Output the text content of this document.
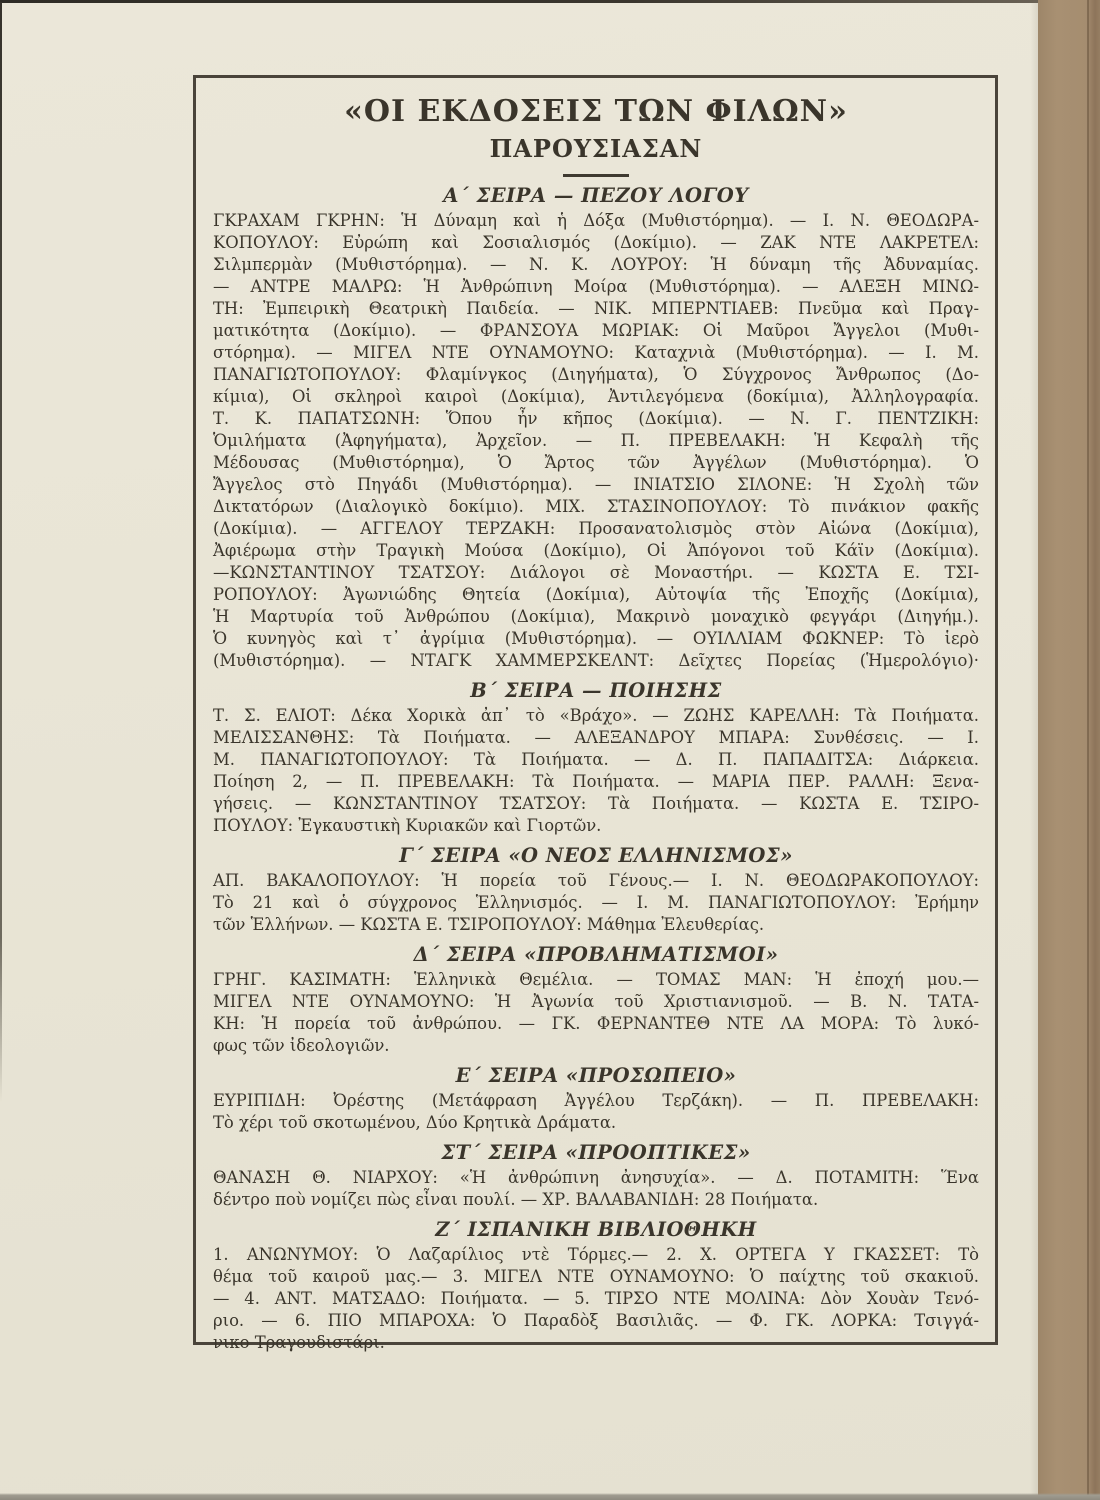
«ΟΙ ΕΚΔΟΣΕΙΣ ΤΩΝ ΦΙΛΩΝ»
ΠΑΡΟΥΣΙΑΣΑΝ
Α΄ ΣΕΙΡΑ — ΠΕΖΟΥ ΛΟΓΟΥ
ΓΚΡΑΧΑΜ ΓΚΡΗΝ: Ἡ Δύναμη καὶ ἡ Δόξα (Μυθιστόρημα). — Ι. Ν. ΘΕΟΔΩΡΑ-
ΚΟΠΟΥΛΟΥ: Εὐρώπη καὶ Σοσιαλισμός (Δοκίμιο). — ΖΑΚ ΝΤΕ ΛΑΚΡΕΤΕΛ:
Σιλμπερμὰν (Μυθιστόρημα). — Ν. Κ. ΛΟΥΡΟΥ: Ἡ δύναμη τῆς Ἀδυναμίας.
— ΑΝΤΡΕ ΜΑΛΡΩ: Ἡ Ἀνθρώπινη Μοίρα (Μυθιστόρημα). — ΑΛΕΞΗ ΜΙΝΩ-
ΤΗ: Ἐμπειρικὴ Θεατρικὴ Παιδεία. — ΝΙΚ. ΜΠΕΡΝΤΙΑΕΒ: Πνεῦμα καὶ Πραγ-
ματικότητα (Δοκίμιο). — ΦΡΑΝΣΟΥΑ ΜΩΡΙΑΚ: Οἱ Μαῦροι Ἄγγελοι (Μυθι-
στόρημα). — ΜΙΓΕΛ ΝΤΕ ΟΥΝΑΜΟΥΝΟ: Καταχνιὰ (Μυθιστόρημα). — Ι. Μ.
ΠΑΝΑΓΙΩΤΟΠΟΥΛΟΥ: Φλαμίνγκος (Διηγήματα), Ὁ Σύγχρονος Ἄνθρωπος (Δο-
κίμια), Οἱ σκληροὶ καιροὶ (Δοκίμια), Ἀντιλεγόμενα (δοκίμια), Ἀλληλογραφία.
Τ. Κ. ΠΑΠΑΤΣΩΝΗ: Ὅπου ἦν κῆπος (Δοκίμια). — Ν. Γ. ΠΕΝΤΖΙΚΗ:
Ὁμιλήματα (Ἀφηγήματα), Ἀρχεῖον. — Π. ΠΡΕΒΕΛΑΚΗ: Ἡ Κεφαλὴ τῆς
Μέδουσας (Μυθιστόρημα), Ὁ Ἄρτος τῶν Ἀγγέλων (Μυθιστόρημα). Ὁ
Ἄγγελος στὸ Πηγάδι (Μυθιστόρημα). — ΙΝΙΑΤΣΙΟ ΣΙΛΟΝΕ: Ἡ Σχολὴ τῶν
Δικτατόρων (Διαλογικὸ δοκίμιο). ΜΙΧ. ΣΤΑΣΙΝΟΠΟΥΛΟΥ: Τὸ πινάκιον φακῆς
(Δοκίμια). — ΑΓΓΕΛΟΥ ΤΕΡΖΑΚΗ: Προσανατολισμὸς στὸν Αἰώνα (Δοκίμια),
Ἀφιέρωμα στὴν Τραγικὴ Μούσα (Δοκίμιο), Οἱ Ἀπόγονοι τοῦ Κάϊν (Δοκίμια).
—ΚΩΝΣΤΑΝΤΙΝΟΥ ΤΣΑΤΣΟΥ: Διάλογοι σὲ Μοναστήρι. — ΚΩΣΤΑ Ε. ΤΣΙ-
ΡΟΠΟΥΛΟΥ: Ἀγωνιώδης Θητεία (Δοκίμια), Αὐτοψία τῆς Ἐποχῆς (Δοκίμια),
Ἡ Μαρτυρία τοῦ Ἀνθρώπου (Δοκίμια), Μακρινὸ μοναχικὸ φεγγάρι (Διηγήμ.).
Ὁ κυνηγὸς καὶ τ᾿ ἀγρίμια (Μυθιστόρημα). — ΟΥΙΛΛΙΑΜ ΦΩΚΝΕΡ: Τὸ ἱερὸ
(Μυθιστόρημα). — ΝΤΑΓΚ ΧΑΜΜΕΡΣΚΕΛΝΤ: Δεῖχτες Πορείας (Ἡμερολόγιο)·
Β΄ ΣΕΙΡΑ — ΠΟΙΗΣΗΣ
Τ. Σ. ΕΛΙΟΤ: Δέκα Χορικὰ ἀπ᾿ τὸ «Βράχο». — ΖΩΗΣ ΚΑΡΕΛΛΗ: Τὰ Ποιήματα.
ΜΕΛΙΣΣΑΝΘΗΣ: Τὰ Ποιήματα. — ΑΛΕΞΑΝΔΡΟΥ ΜΠΑΡΑ: Συνθέσεις. — Ι.
Μ. ΠΑΝΑΓΙΩΤΟΠΟΥΛΟΥ: Τὰ Ποιήματα. — Δ. Π. ΠΑΠΑΔΙΤΣΑ: Διάρκεια.
Ποίηση 2, — Π. ΠΡΕΒΕΛΑΚΗ: Τὰ Ποιήματα. — ΜΑΡΙΑ ΠΕΡ. ΡΑΛΛΗ: Ξενα-
γήσεις. — ΚΩΝΣΤΑΝΤΙΝΟΥ ΤΣΑΤΣΟΥ: Τὰ Ποιήματα. — ΚΩΣΤΑ Ε. ΤΣΙΡΟ-
ΠΟΥΛΟΥ: Ἐγκαυστικὴ Κυριακῶν καὶ Γιορτῶν.
Γ΄ ΣΕΙΡΑ «Ο ΝΕΟΣ ΕΛΛΗΝΙΣΜΟΣ»
ΑΠ. ΒΑΚΑΛΟΠΟΥΛΟΥ: Ἡ πορεία τοῦ Γένους.— Ι. Ν. ΘΕΟΔΩΡΑΚΟΠΟΥΛΟΥ:
Τὸ 21 καὶ ὁ σύγχρονος Ἑλληνισμός. — Ι. Μ. ΠΑΝΑΓΙΩΤΟΠΟΥΛΟΥ: Ἐρήμην
τῶν Ἑλλήνων. — ΚΩΣΤΑ Ε. ΤΣΙΡΟΠΟΥΛΟΥ: Μάθημα Ἐλευθερίας.
Δ΄ ΣΕΙΡΑ «ΠΡΟΒΛΗΜΑΤΙΣΜΟΙ»
ΓΡΗΓ. ΚΑΣΙΜΑΤΗ: Ἑλληνικὰ Θεμέλια. — ΤΟΜΑΣ ΜΑΝ: Ἡ ἐποχή μου.—
ΜΙΓΕΛ ΝΤΕ ΟΥΝΑΜΟΥΝΟ: Ἡ Ἀγωνία τοῦ Χριστιανισμοῦ. — Β. Ν. ΤΑΤΑ-
ΚΗ: Ἡ πορεία τοῦ ἀνθρώπου. — ΓΚ. ΦΕΡΝΑΝΤΕΘ ΝΤΕ ΛΑ ΜΟΡΑ: Τὸ λυκό-
φως τῶν ἰδεολογιῶν.
Ε΄ ΣΕΙΡΑ «ΠΡΟΣΩΠΕΙΟ»
ΕΥΡΙΠΙΔΗ: Ὀρέστης (Μετάφραση Ἀγγέλου Τερζάκη). — Π. ΠΡΕΒΕΛΑΚΗ:
Τὸ χέρι τοῦ σκοτωμένου, Δύο Κρητικὰ Δράματα.
ΣΤ΄ ΣΕΙΡΑ «ΠΡΟΟΠΤΙΚΕΣ»
ΘΑΝΑΣΗ Θ. ΝΙΑΡΧΟΥ: «Ἡ ἀνθρώπινη ἀνησυχία». — Δ. ΠΟΤΑΜΙΤΗ: Ἕνα
δέντρο ποὺ νομίζει πὼς εἶναι πουλί. — ΧΡ. ΒΑΛΑΒΑΝΙΔΗ: 28 Ποιήματα.
Ζ΄ ΙΣΠΑΝΙΚΗ ΒΙΒΛΙΟΘΗΚΗ
1. ΑΝΩΝΥΜΟΥ: Ὁ Λαζαρίλιος ντὲ Τόρμες.— 2. Χ. ΟΡΤΕΓΑ Υ ΓΚΑΣΣΕΤ: Τὸ
θέμα τοῦ καιροῦ μας.— 3. ΜΙΓΕΛ ΝΤΕ ΟΥΝΑΜΟΥΝΟ: Ὁ παίχτης τοῦ σκακιοῦ.
— 4. ΑΝΤ. ΜΑΤΣΑΔΟ: Ποιήματα. — 5. ΤΙΡΣΟ ΝΤΕ ΜΟΛΙΝΑ: Δὸν Χουὰν Τενό-
ριο. — 6. ΠΙΟ ΜΠΑΡΟΧΑ: Ὁ Παραδὸξ Βασιλιᾶς. — Φ. ΓΚ. ΛΟΡΚΑ: Τσιγγά-
νικο Τραγουδιστάρι.
